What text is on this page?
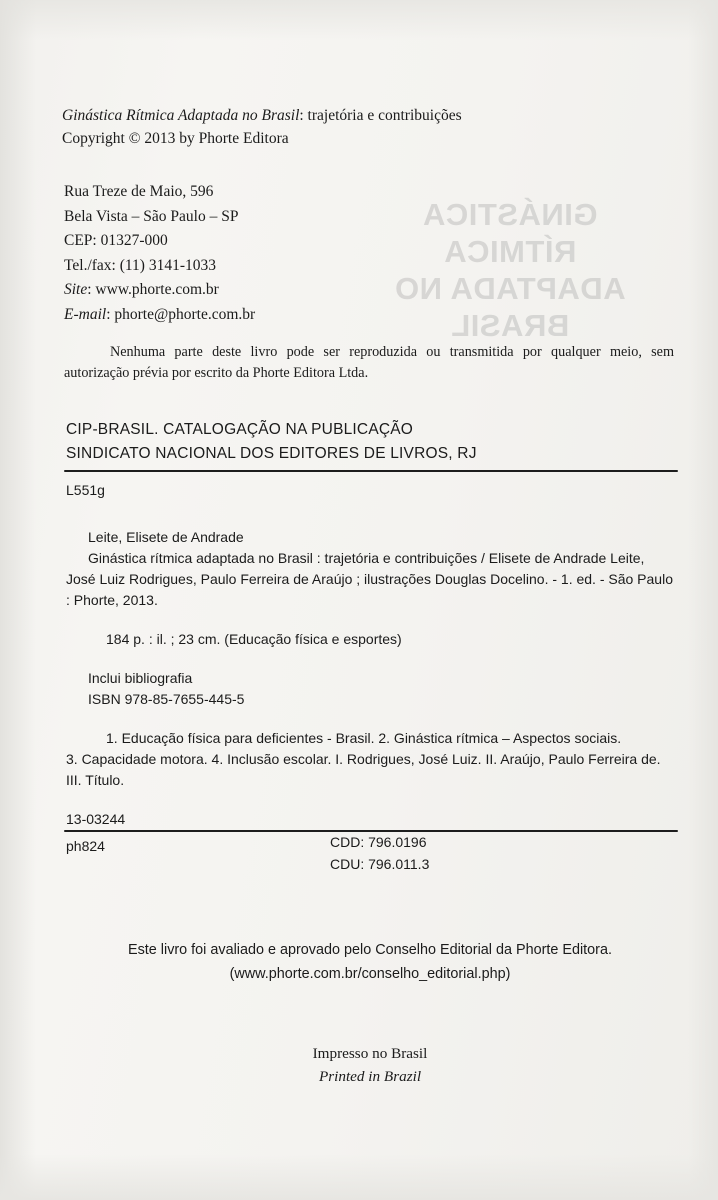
GINÁSTICA RÍTMICA ADAPTADA NO BRASIL
Ginástica Rítmica Adaptada no Brasil: trajetória e contribuições
Copyright © 2013 by Phorte Editora
Rua Treze de Maio, 596
Bela Vista – São Paulo – SP
CEP: 01327-000
Tel./fax: (11) 3141-1033
Site: www.phorte.com.br
E-mail: phorte@phorte.com.br
Nenhuma parte deste livro pode ser reproduzida ou transmitida por qualquer meio, sem autorização prévia por escrito da Phorte Editora Ltda.
CIP-BRASIL. CATALOGAÇÃO NA PUBLICAÇÃO
SINDICATO NACIONAL DOS EDITORES DE LIVROS, RJ
L551g
Leite, Elisete de Andrade
Ginástica rítmica adaptada no Brasil : trajetória e contribuições / Elisete de Andrade Leite,
José Luiz Rodrigues, Paulo Ferreira de Araújo ; ilustrações Douglas Docelino. - 1. ed. - São Paulo
: Phorte, 2013.
184 p. : il. ; 23 cm. (Educação física e esportes)
Inclui bibliografia
ISBN 978-85-7655-445-5
1. Educação física para deficientes - Brasil. 2. Ginástica rítmica – Aspectos sociais.
3. Capacidade motora. 4. Inclusão escolar. I. Rodrigues, José Luiz. II. Araújo, Paulo Ferreira de.
III. Título.
13-03244
CDD: 796.0196
CDU: 796.011.3
ph824
Este livro foi avaliado e aprovado pelo Conselho Editorial da Phorte Editora.
(www.phorte.com.br/conselho_editorial.php)
Impresso no Brasil
Printed in Brazil
